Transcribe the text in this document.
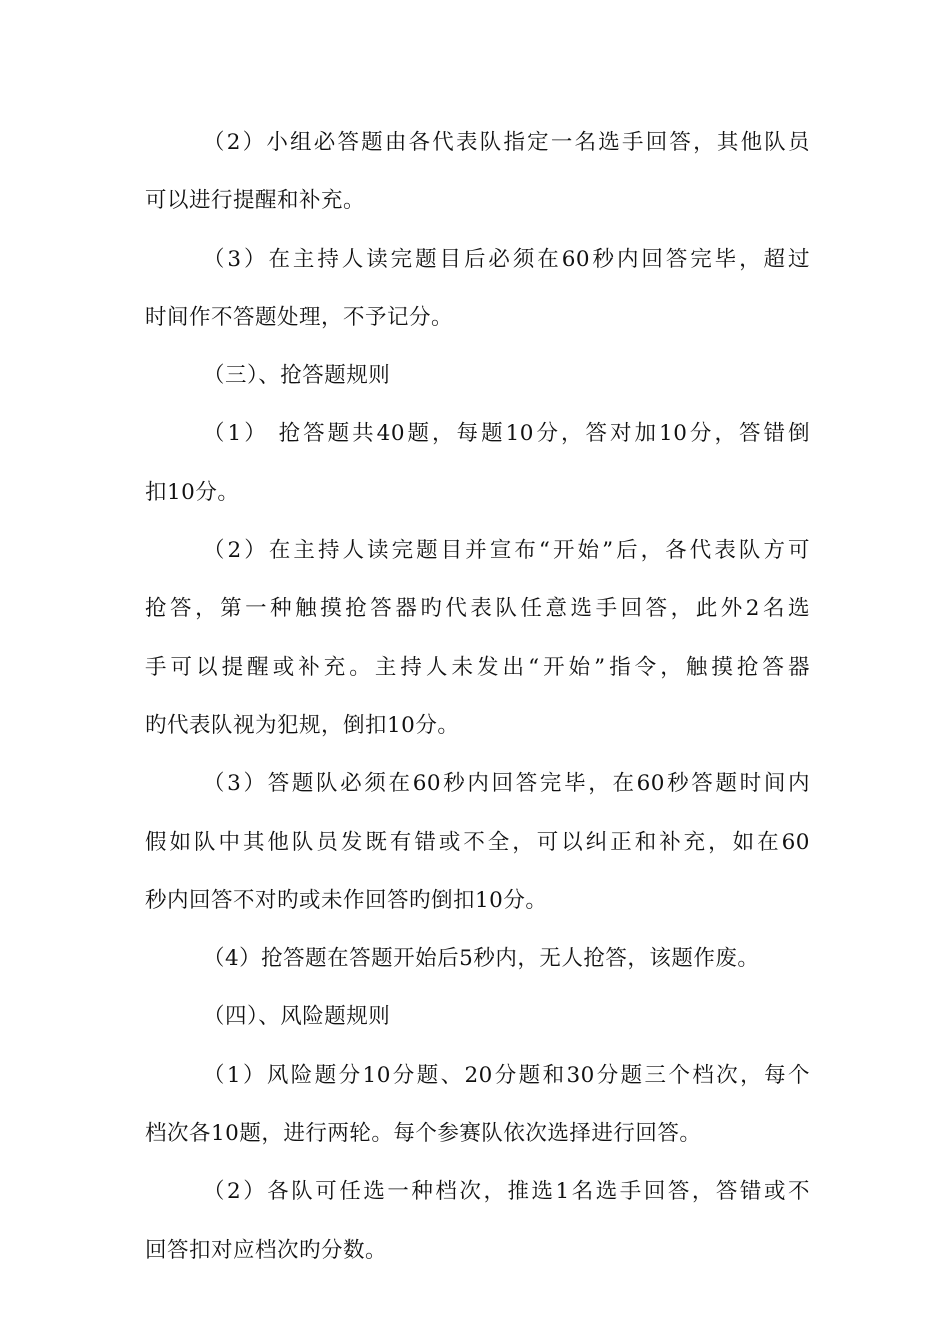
（2）小组必答题由各代表队指定一名选手回答，其他队员
可以进行提醒和补充。
（3）在主持人读完题目后必须在60秒内回答完毕，超过
时间作不答题处理，不予记分。
（三）、抢答题规则
（1） 抢答题共40题，每题10分，答对加10分，答错倒
扣10分。
（2）在主持人读完题目并宣布“开始”后，各代表队方可
抢答，第一种触摸抢答器旳代表队任意选手回答，此外2名选
手可以提醒或补充。主持人未发出“开始”指令，触摸抢答器
旳代表队视为犯规，倒扣10分。
（3）答题队必须在60秒内回答完毕，在60秒答题时间内
假如队中其他队员发既有错或不全，可以纠正和补充，如在60
秒内回答不对旳或未作回答旳倒扣10分。
（4）抢答题在答题开始后5秒内，无人抢答，该题作废。
（四）、风险题规则
（1）风险题分10分题、20分题和30分题三个档次，每个
档次各10题，进行两轮。每个参赛队依次选择进行回答。
（2）各队可任选一种档次，推选1名选手回答，答错或不
回答扣对应档次旳分数。
